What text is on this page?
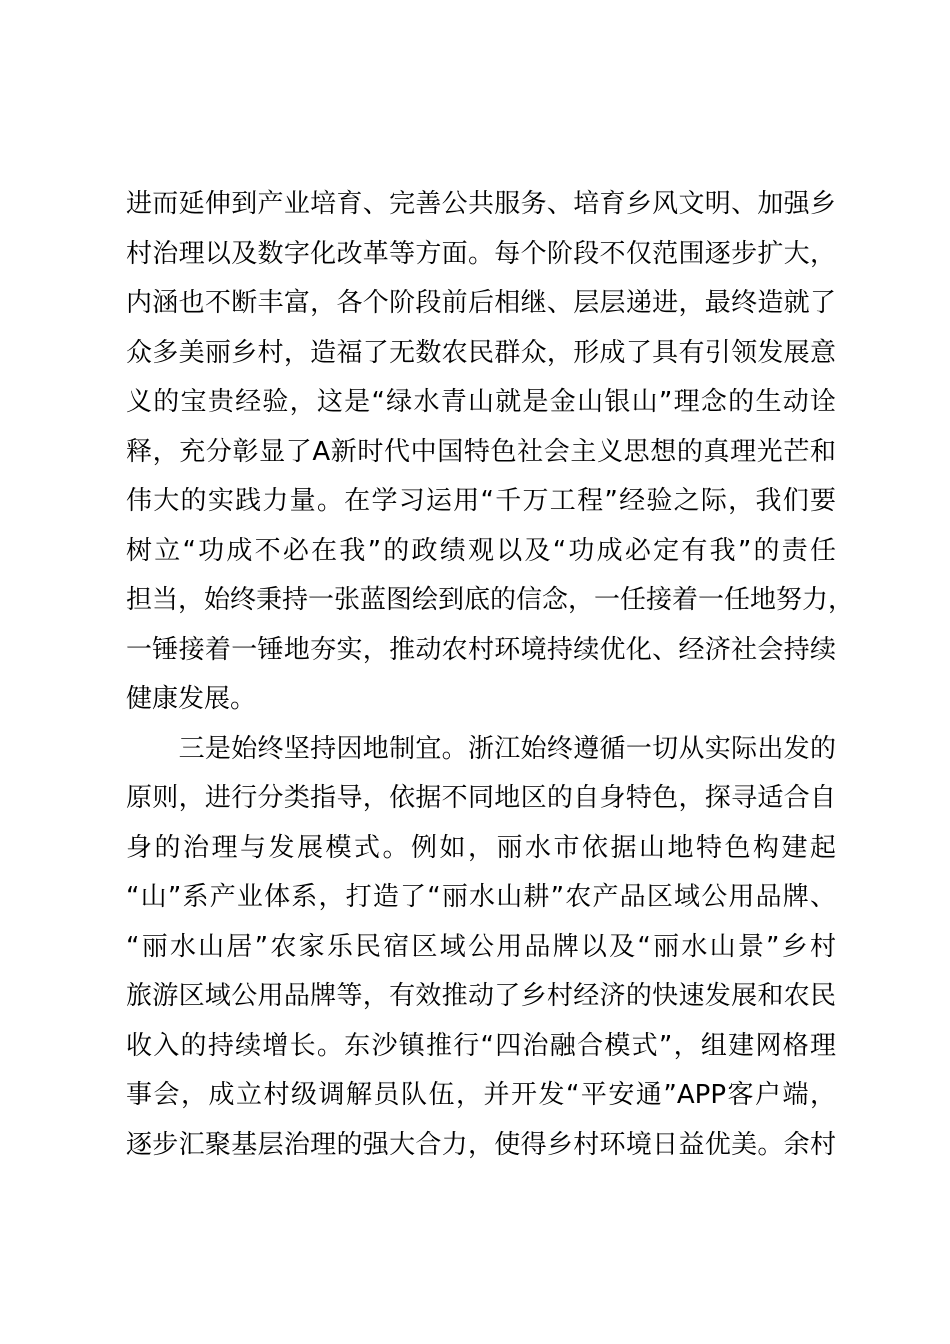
进而延伸到产业培育、完善公共服务、培育乡风文明、加强乡
村治理以及数字化改革等方面。每个阶段不仅范围逐步扩大，
内涵也不断丰富，各个阶段前后相继、层层递进，最终造就了
众多美丽乡村，造福了无数农民群众，形成了具有引领发展意
义的宝贵经验，这是“绿水青山就是金山银山”理念的生动诠
释，充分彰显了A新时代中国特色社会主义思想的真理光芒和
伟大的实践力量。在学习运用“千万工程”经验之际，我们要
树立“功成不必在我”的政绩观以及“功成必定有我”的责任
担当，始终秉持一张蓝图绘到底的信念，一任接着一任地努力，
一锤接着一锤地夯实，推动农村环境持续优化、经济社会持续
健康发展。
　　三是始终坚持因地制宜。浙江始终遵循一切从实际出发的
原则，进行分类指导，依据不同地区的自身特色，探寻适合自
身的治理与发展模式。例如，丽水市依据山地特色构建起
“山”系产业体系，打造了“丽水山耕”农产品区域公用品牌、
“丽水山居”农家乐民宿区域公用品牌以及“丽水山景”乡村
旅游区域公用品牌等，有效推动了乡村经济的快速发展和农民
收入的持续增长。东沙镇推行“四治融合模式”，组建网格理
事会，成立村级调解员队伍，并开发“平安通”APP客户端，
逐步汇聚基层治理的强大合力，使得乡村环境日益优美。余村
